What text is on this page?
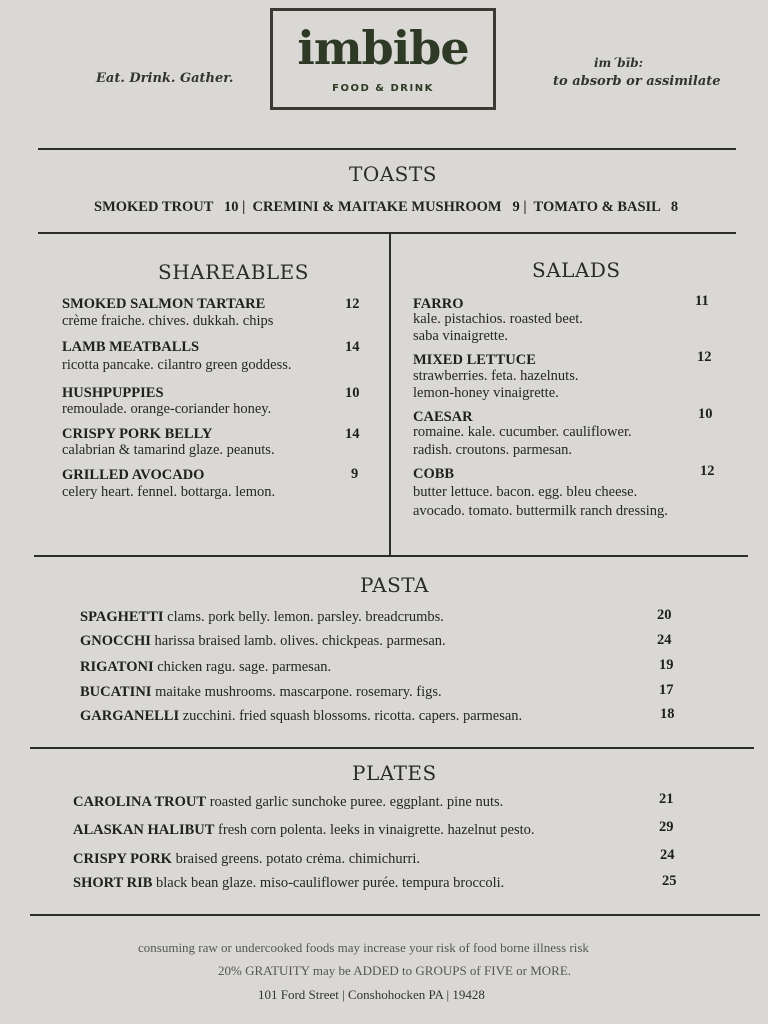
imbibe
FOOD & DRINK
Eat. Drink. Gather.
im´bīb:
to absorb or assimilate
TOASTS
SMOKED TROUT   10 |  CREMINI & MAITAKE MUSHROOM   9 |  TOMATO & BASIL   8
SHAREABLES
SMOKED SALMON TARTARE	12
crème fraiche. chives. dukkah. chips
LAMB MEATBALLS	14
ricotta pancake. cilantro green goddess.
HUSHPUPPIES	10
remoulade. orange-coriander honey.
CRISPY PORK BELLY	14
calabrian & tamarind glaze. peanuts.
GRILLED AVOCADO	9
celery heart. fennel. bottarga. lemon.
SALADS
FARRO	11
kale. pistachios. roasted beet.
saba vinaigrette.
MIXED LETTUCE	12
strawberries. feta. hazelnuts.
lemon-honey vinaigrette.
CAESAR	10
romaine. kale. cucumber. cauliflower.
radish. croutons. parmesan.
COBB	12
butter lettuce. bacon. egg. bleu cheese.
avocado. tomato. buttermilk ranch dressing.
PASTA
SPAGHETTI clams. pork belly. lemon. parsley. breadcrumbs.	20
GNOCCHI harissa braised lamb. olives. chickpeas. parmesan.	24
RIGATONI chicken ragu. sage. parmesan.	19
BUCATINI maitake mushrooms. mascarpone. rosemary. figs.	17
GARGANELLI zucchini. fried squash blossoms. ricotta. capers. parmesan.	18
PLATES
CAROLINA TROUT roasted garlic sunchoke puree. eggplant. pine nuts.	21
ALASKAN HALIBUT fresh corn polenta. leeks in vinaigrette. hazelnut pesto.	29
CRISPY PORK braised greens. potato crėma. chimichurri.	24
SHORT RIB black bean glaze. miso-cauliflower purée. tempura broccoli.	25
consuming raw or undercooked foods may increase your risk of food borne illness risk
20% GRATUITY may be ADDED to GROUPS of FIVE or MORE.
101 Ford Street | Conshohocken PA | 19428
